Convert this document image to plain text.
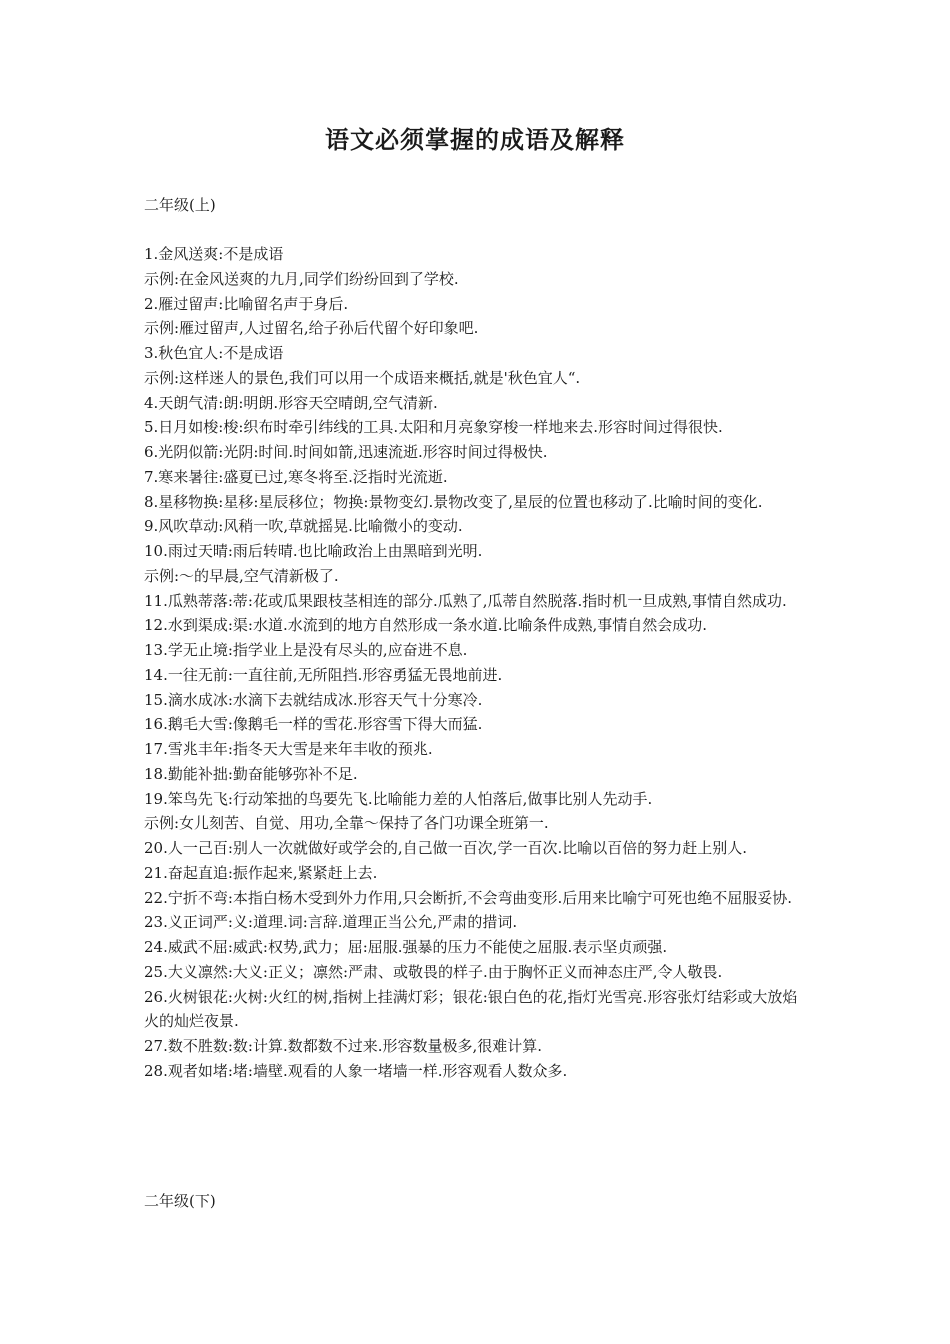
语文必须掌握的成语及解释
二年级(上)

1.金风送爽:不是成语

示例:在金风送爽的九月,同学们纷纷回到了学校.

2.雁过留声:比喻留名声于身后.

示例:雁过留声,人过留名,给子孙后代留个好印象吧.

3.秋色宜人:不是成语

示例:这样迷人的景色,我们可以用一个成语来概括,就是'秋色宜人“.

4.天朗气清:朗:明朗.形容天空晴朗,空气清新.

5.日月如梭:梭:织布时牵引纬线的工具.太阳和月亮象穿梭一样地来去.形容时间过得很快.

6.光阴似箭:光阴:时间.时间如箭,迅速流逝.形容时间过得极快.

7.寒来暑往:盛夏已过,寒冬将至.泛指时光流逝.

8.星移物换:星移:星辰移位；物换:景物变幻.景物改变了,星辰的位置也移动了.比喻时间的变化.

9.风吹草动:风稍一吹,草就摇晃.比喻微小的变动.

10.雨过天晴:雨后转晴.也比喻政治上由黑暗到光明.

示例:～的早晨,空气清新极了.

11.瓜熟蒂落:蒂:花或瓜果跟枝茎相连的部分.瓜熟了,瓜蒂自然脱落.指时机一旦成熟,事情自然成功.

12.水到渠成:渠:水道.水流到的地方自然形成一条水道.比喻条件成熟,事情自然会成功.

13.学无止境:指学业上是没有尽头的,应奋进不息.

14.一往无前:一直往前,无所阻挡.形容勇猛无畏地前进.

15.滴水成冰:水滴下去就结成冰.形容天气十分寒冷.

16.鹅毛大雪:像鹅毛一样的雪花.形容雪下得大而猛.

17.雪兆丰年:指冬天大雪是来年丰收的预兆.

18.勤能补拙:勤奋能够弥补不足.

19.笨鸟先飞:行动笨拙的鸟要先飞.比喻能力差的人怕落后,做事比别人先动手.

示例:女儿刻苦、自觉、用功,全靠～保持了各门功课全班第一.

20.人一己百:别人一次就做好或学会的,自己做一百次,学一百次.比喻以百倍的努力赶上别人.

21.奋起直追:振作起来,紧紧赶上去.

22.宁折不弯:本指白杨木受到外力作用,只会断折,不会弯曲变形.后用来比喻宁可死也绝不屈服妥协.

23.义正词严:义:道理.词:言辞.道理正当公允,严肃的措词.

24.威武不屈:威武:权势,武力；屈:屈服.强暴的压力不能使之屈服.表示坚贞顽强.

25.大义凛然:大义:正义；凛然:严肃、或敬畏的样子.由于胸怀正义而神态庄严,令人敬畏.

26.火树银花:火树:火红的树,指树上挂满灯彩；银花:银白色的花,指灯光雪亮.形容张灯结彩或大放焰火的灿烂夜景.

27.数不胜数:数:计算.数都数不过来.形容数量极多,很难计算.

28.观者如堵:堵:墙壁.观看的人象一堵墙一样.形容观看人数众多.

二年级(下)
